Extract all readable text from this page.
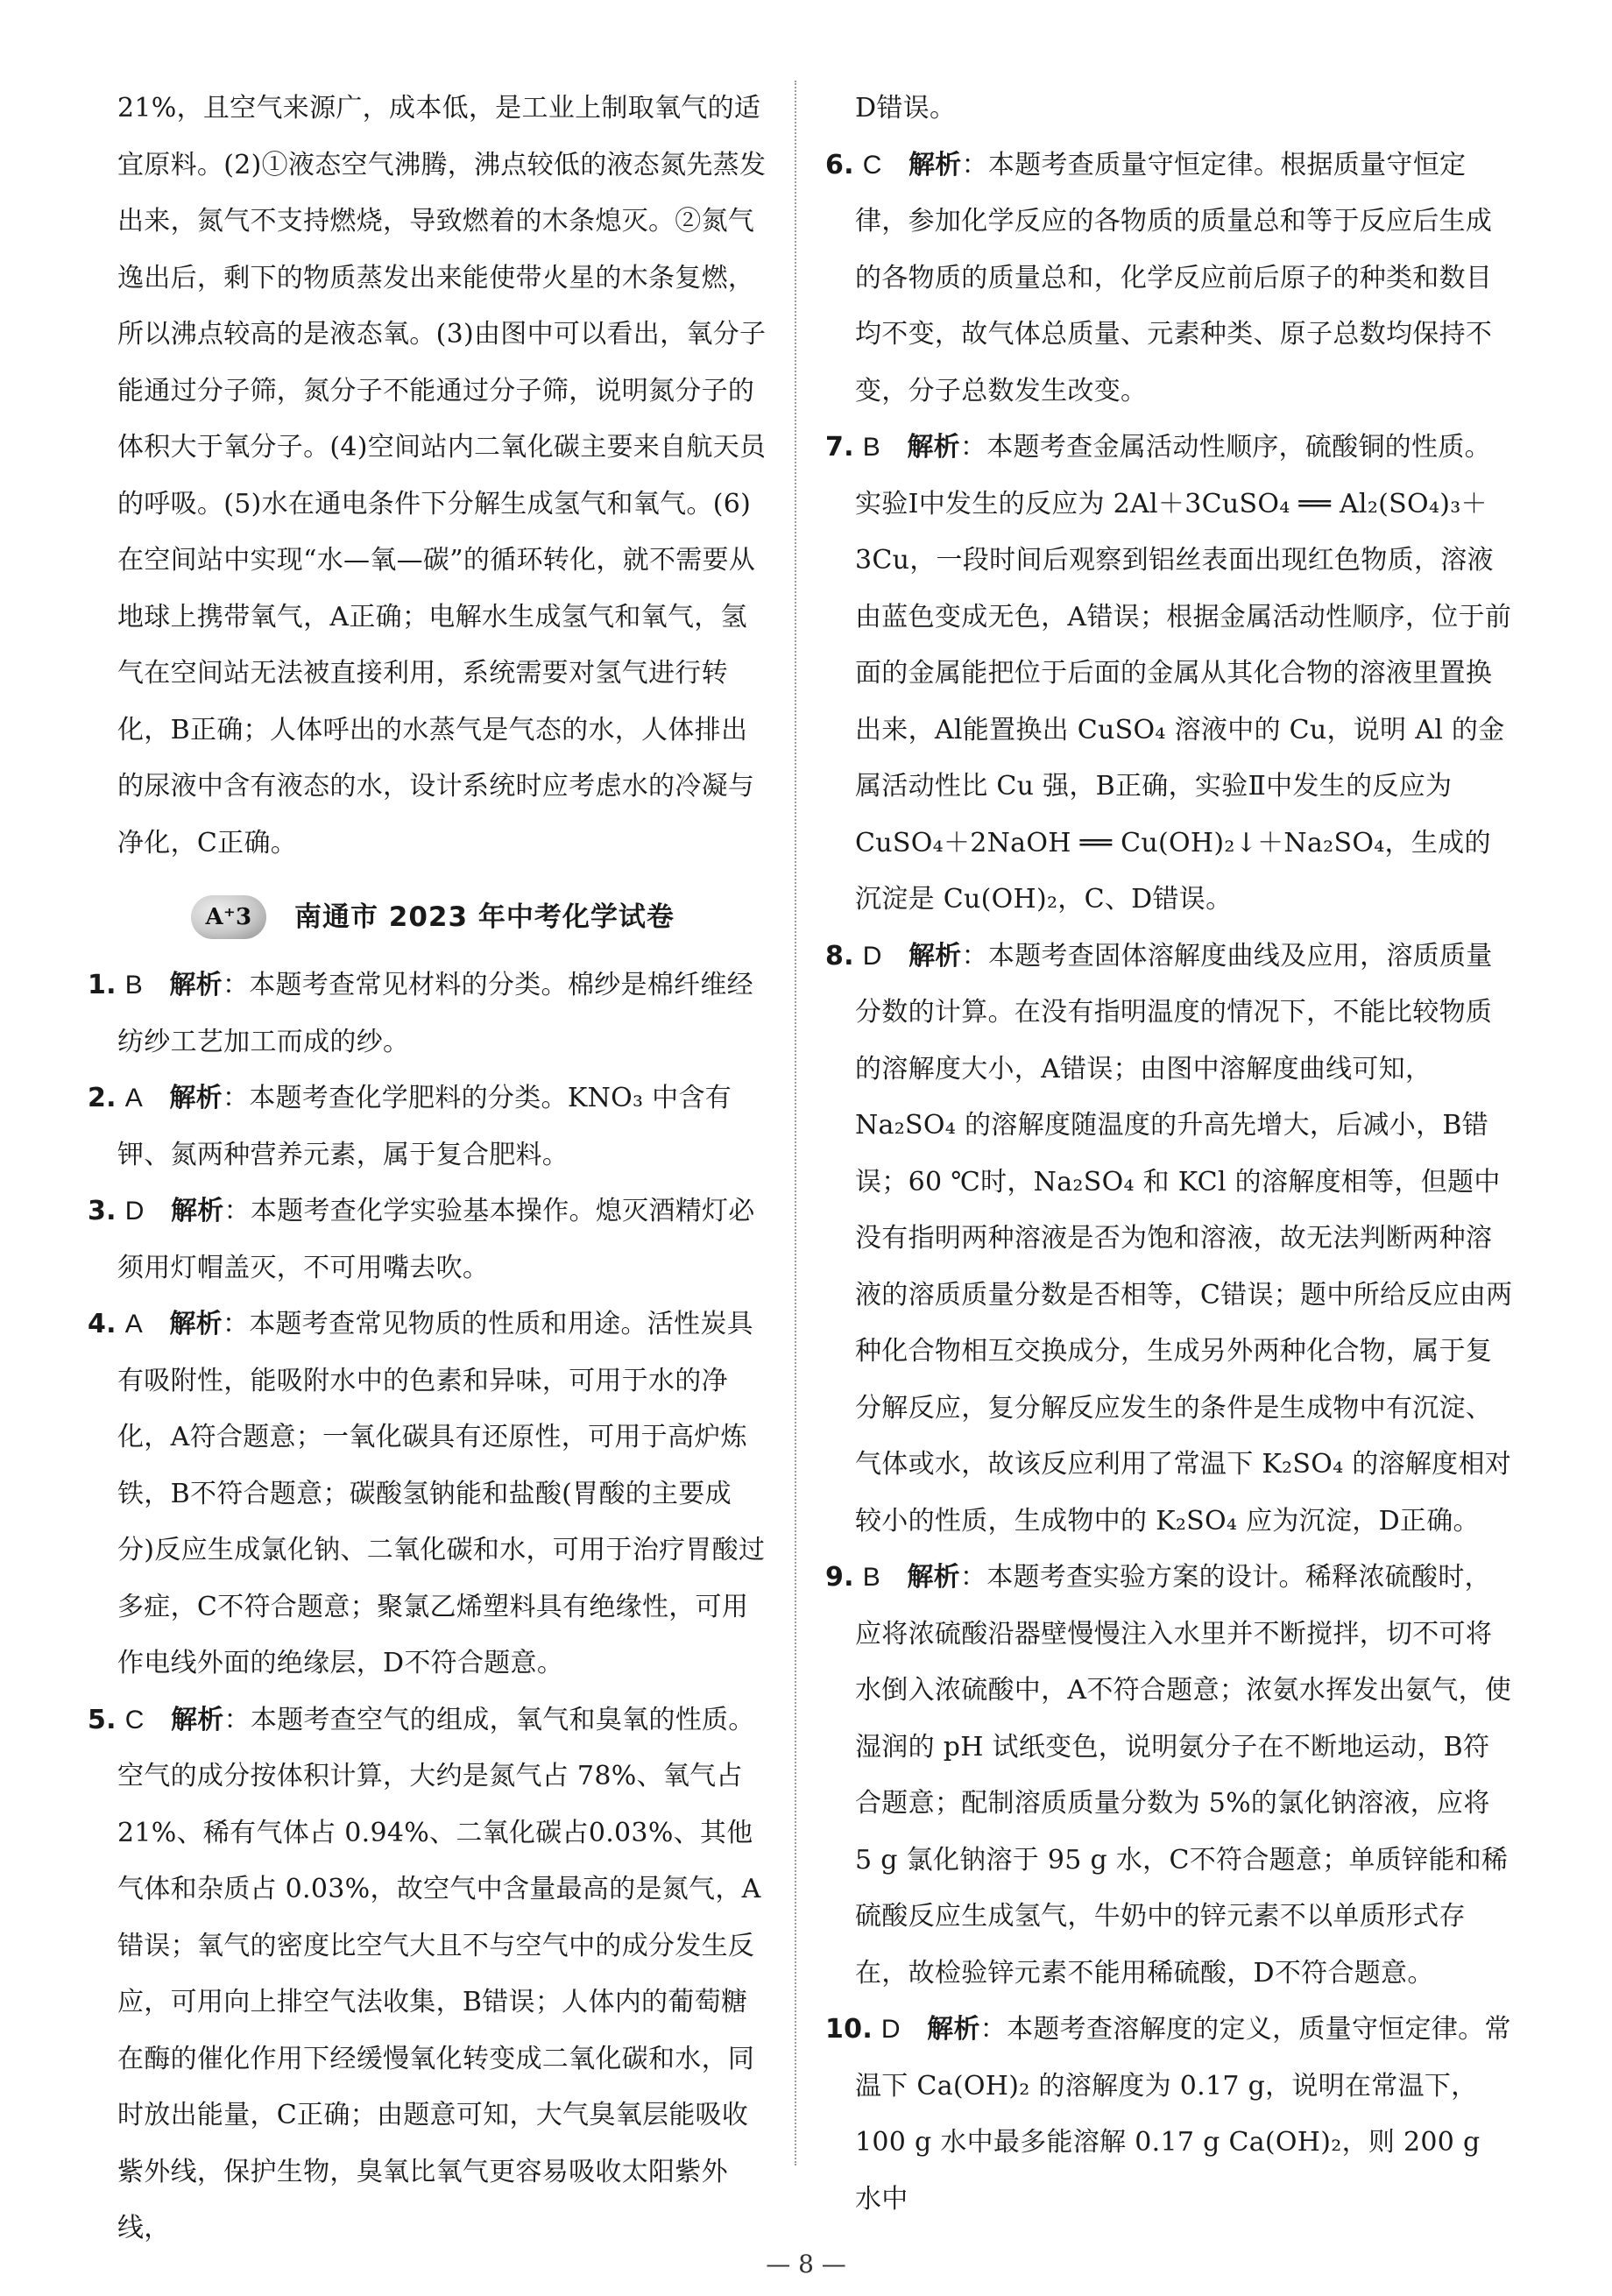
21%，且空气来源广，成本低，是工业上制取氧气的适宜原料。(2)①液态空气沸腾，沸点较低的液态氮先蒸发出来，氮气不支持燃烧，导致燃着的木条熄灭。②氮气逸出后，剩下的物质蒸发出来能使带火星的木条复燃，所以沸点较高的是液态氧。(3)由图中可以看出，氧分子能通过分子筛，氮分子不能通过分子筛，说明氮分子的体积大于氧分子。(4)空间站内二氧化碳主要来自航天员的呼吸。(5)水在通电条件下分解生成氢气和氧气。(6)在空间站中实现“水—氧—碳”的循环转化，就不需要从地球上携带氧气，A正确；电解水生成氢气和氧气，氢气在空间站无法被直接利用，系统需要对氢气进行转化，B正确；人体呼出的水蒸气是气态的水，人体排出的尿液中含有液态的水，设计系统时应考虑水的冷凝与净化，C正确。

A⁺3	南通市 2023 年中考化学试卷

1. B　 解析：本题考查常见材料的分类。棉纱是棉纤维经纺纱工艺加工而成的纱。

2. A　 解析：本题考查化学肥料的分类。KNO₃ 中含有钾、氮两种营养元素，属于复合肥料。

3. D　 解析：本题考查化学实验基本操作。熄灭酒精灯必须用灯帽盖灭，不可用嘴去吹。

4. A　 解析：本题考查常见物质的性质和用途。活性炭具有吸附性，能吸附水中的色素和异味，可用于水的净化，A符合题意；一氧化碳具有还原性，可用于高炉炼铁，B不符合题意；碳酸氢钠能和盐酸(胃酸的主要成分)反应生成氯化钠、二氧化碳和水，可用于治疗胃酸过多症，C不符合题意；聚氯乙烯塑料具有绝缘性，可用作电线外面的绝缘层，D不符合题意。

5. C　 解析：本题考查空气的组成，氧气和臭氧的性质。空气的成分按体积计算，大约是氮气占 78%、氧气占 21%、稀有气体占 0.94%、二氧化碳占0.03%、其他气体和杂质占 0.03%，故空气中含量最高的是氮气，A错误；氧气的密度比空气大且不与空气中的成分发生反应，可用向上排空气法收集，B错误；人体内的葡萄糖在酶的催化作用下经缓慢氧化转变成二氧化碳和水，同时放出能量，C正确；由题意可知，大气臭氧层能吸收紫外线，保护生物，臭氧比氧气更容易吸收太阳紫外线，

D错误。

6. C　 解析：本题考查质量守恒定律。根据质量守恒定律，参加化学反应的各物质的质量总和等于反应后生成的各物质的质量总和，化学反应前后原子的种类和数目均不变，故气体总质量、元素种类、原子总数均保持不变，分子总数发生改变。

7. B　 解析：本题考查金属活动性顺序，硫酸铜的性质。实验Ⅰ中发生的反应为 2Al＋3CuSO₄ ══ Al₂(SO₄)₃＋3Cu，一段时间后观察到铝丝表面出现红色物质，溶液由蓝色变成无色，A错误；根据金属活动性顺序，位于前面的金属能把位于后面的金属从其化合物的溶液里置换出来，Al能置换出 CuSO₄ 溶液中的 Cu，说明 Al 的金属活动性比 Cu 强，B正确，实验Ⅱ中发生的反应为 CuSO₄＋2NaOH ══ Cu(OH)₂↓＋Na₂SO₄，生成的沉淀是 Cu(OH)₂，C、D错误。

8. D　 解析：本题考查固体溶解度曲线及应用，溶质质量分数的计算。在没有指明温度的情况下，不能比较物质的溶解度大小，A错误；由图中溶解度曲线可知，Na₂SO₄ 的溶解度随温度的升高先增大，后减小，B错误；60 ℃时，Na₂SO₄ 和 KCl 的溶解度相等，但题中没有指明两种溶液是否为饱和溶液，故无法判断两种溶液的溶质质量分数是否相等，C错误；题中所给反应由两种化合物相互交换成分，生成另外两种化合物，属于复分解反应，复分解反应发生的条件是生成物中有沉淀、气体或水，故该反应利用了常温下 K₂SO₄ 的溶解度相对较小的性质，生成物中的 K₂SO₄ 应为沉淀，D正确。

9. B　 解析：本题考查实验方案的设计。稀释浓硫酸时，应将浓硫酸沿器壁慢慢注入水里并不断搅拌，切不可将水倒入浓硫酸中，A不符合题意；浓氨水挥发出氨气，使湿润的 pH 试纸变色，说明氨分子在不断地运动，B符合题意；配制溶质质量分数为 5%的氯化钠溶液，应将 5 g 氯化钠溶于 95 g 水，C不符合题意；单质锌能和稀硫酸反应生成氢气，牛奶中的锌元素不以单质形式存在，故检验锌元素不能用稀硫酸，D不符合题意。

10. D　 解析：本题考查溶解度的定义，质量守恒定律。常温下 Ca(OH)₂ 的溶解度为 0.17 g，说明在常温下，100 g 水中最多能溶解 0.17 g Ca(OH)₂，则 200 g 水中

— 8 —
